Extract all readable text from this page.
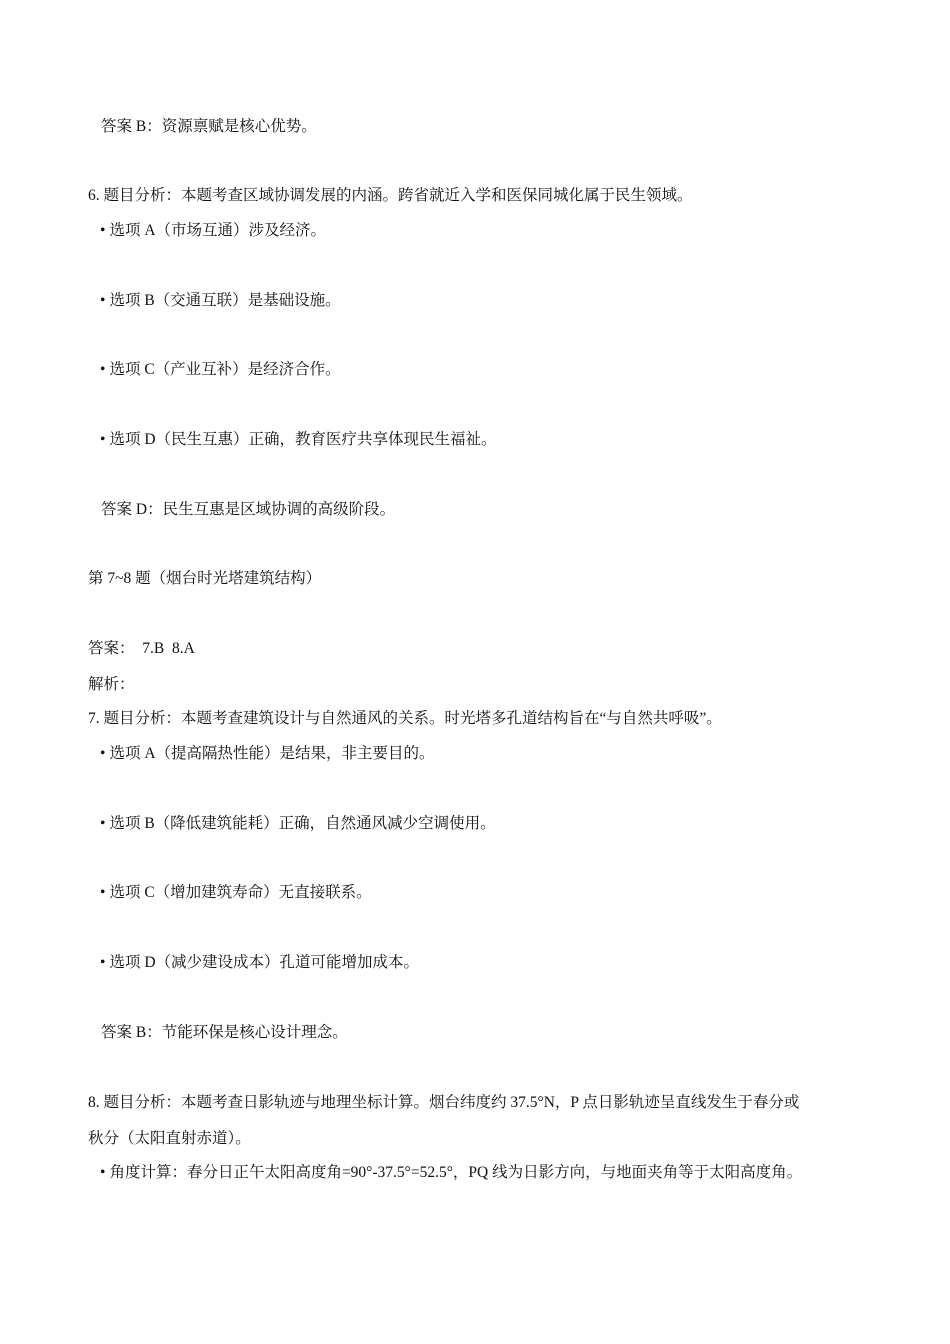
答案 B：资源禀赋是核心优势。
6. 题目分析：本题考查区域协调发展的内涵。跨省就近入学和医保同城化属于民生领域。
• 选项 A（市场互通）涉及经济。
• 选项 B（交通互联）是基础设施。
• 选项 C（产业互补）是经济合作。
• 选项 D（民生互惠）正确，教育医疗共享体现民生福祉。
答案 D：民生互惠是区域协调的高级阶段。
第 7~8 题（烟台时光塔建筑结构）
答案：  7.B  8.A
解析：
7. 题目分析：本题考查建筑设计与自然通风的关系。时光塔多孔道结构旨在“与自然共呼吸”。
• 选项 A（提高隔热性能）是结果，非主要目的。
• 选项 B（降低建筑能耗）正确，自然通风减少空调使用。
• 选项 C（增加建筑寿命）无直接联系。
• 选项 D（减少建设成本）孔道可能增加成本。
答案 B：节能环保是核心设计理念。
8. 题目分析：本题考查日影轨迹与地理坐标计算。烟台纬度约 37.5°N，P 点日影轨迹呈直线发生于春分或
秋分（太阳直射赤道）。
• 角度计算：春分日正午太阳高度角=90°-37.5°=52.5°，PQ 线为日影方向，与地面夹角等于太阳高度角。
